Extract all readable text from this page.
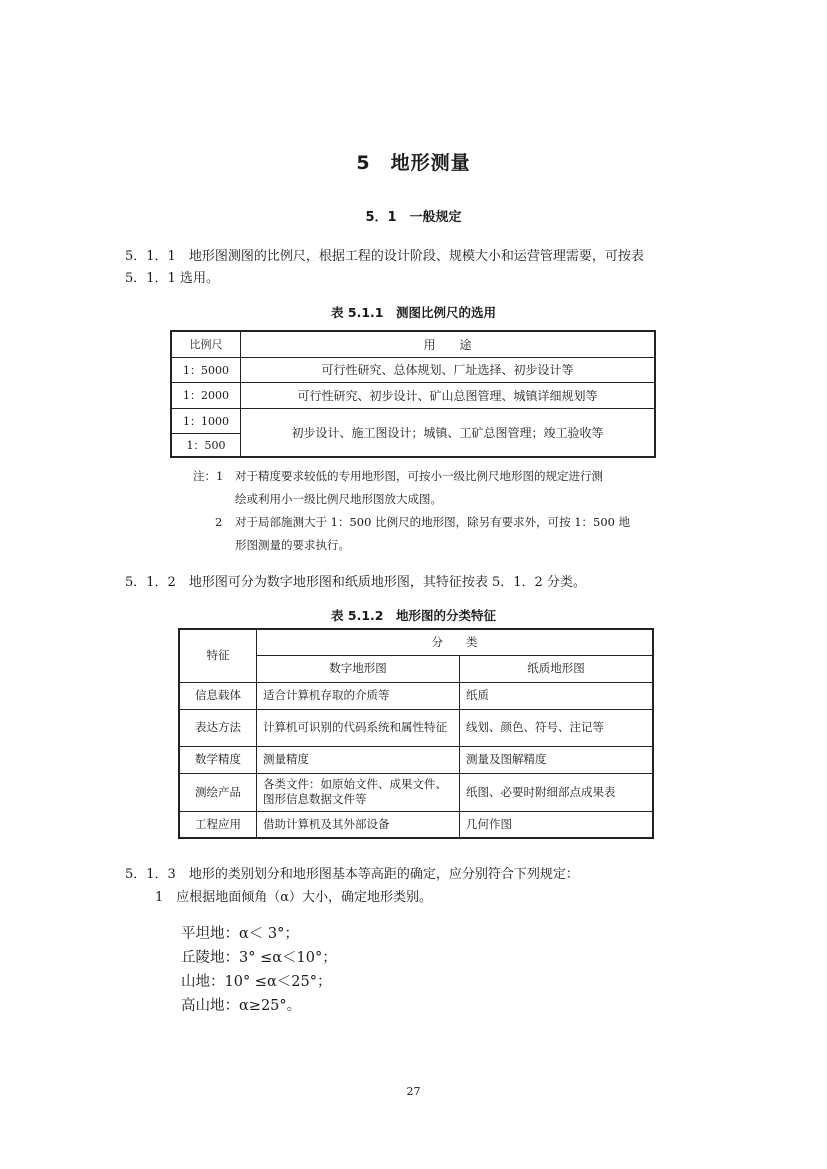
5　地形测量
5．1　一般规定
5．1．1　地形图测图的比例尺，根据工程的设计阶段、规模大小和运营管理需要，可按表
5．1．1 选用。
表 5.1.1　测图比例尺的选用
比例尺	用　　途
1：5000	可行性研究、总体规划、厂址选择、初步设计等
1：2000	可行性研究、初步设计、矿山总图管理、城镇详细规划等
1：1000	初步设计、施工图设计；城镇、工矿总图管理；竣工验收等
1：500	
注：1 对于精度要求较低的专用地形图，可按小一级比例尺地形图的规定进行测
绘或利用小一级比例尺地形图放大成图。
2 对于局部施测大于 1：500 比例尺的地形图，除另有要求外，可按 1：500 地
形图测量的要求执行。
5．1．2　地形图可分为数字地形图和纸质地形图，其特征按表 5．1．2 分类。
表 5.1.2　地形图的分类特征
特征	分　　类	
	数字地形图	纸质地形图
信息载体	适合计算机存取的介质等	纸质
表达方法	计算机可识别的代码系统和属性特征	线划、颜色、符号、注记等
数学精度	测量精度	测量及图解精度
测绘产品	各类文件：如原始文件、成果文件、图形信息数据文件等	纸图、必要时附细部点成果表
工程应用	借助计算机及其外部设备	几何作图
5．1．3　地形的类别划分和地形图基本等高距的确定，应分别符合下列规定：
1　应根据地面倾角（α）大小，确定地形类别。
平坦地：α＜ 3°；
丘陵地：3° ≤α＜10°；
山地：10° ≤α＜25°；
高山地：α≥25°。
27
